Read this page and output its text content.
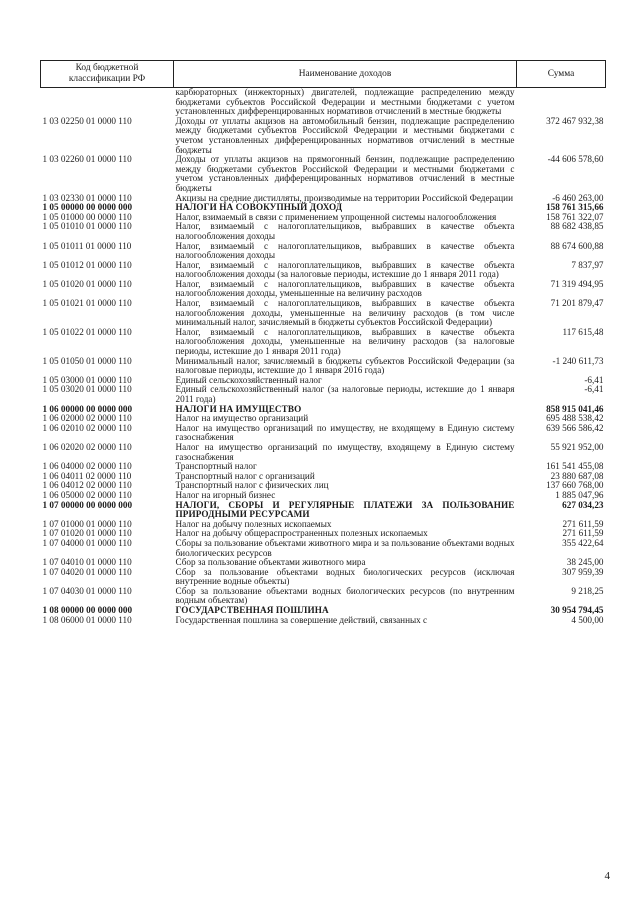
Код бюджетной классификации РФ	Наименование доходов	Сумма
	карбюраторных (инжекторных) двигателей, подлежащие распределению между бюджетами субъектов Российской Федерации и местными бюджетами с учетом установленных дифференцированных нормативов отчислений в местные бюджеты	
1 03 02250 01 0000 110	Доходы от уплаты акцизов на автомобильный бензин, подлежащие распределению между бюджетами субъектов Российской Федерации и местными бюджетами с учетом установленных дифференцированных нормативов отчислений в местные бюджеты	372 467 932,38
1 03 02260 01 0000 110	Доходы от уплаты акцизов на прямогонный бензин, подлежащие распределению между бюджетами субъектов Российской Федерации и местными бюджетами с учетом установленных дифференцированных нормативов отчислений в местные бюджеты	-44 606 578,60
1 03 02330 01 0000 110	Акцизы на средние дистилляты, производимые на территории Российской Федерации	-6 460 263,00
1 05 00000 00 0000 000	НАЛОГИ НА СОВОКУПНЫЙ ДОХОД	158 761 315,66
1 05 01000 00 0000 110	Налог, взимаемый в связи с применением упрощенной системы налогообложения	158 761 322,07
1 05 01010 01 0000 110	Налог, взимаемый с налогоплательщиков, выбравших в качестве объекта налогообложения доходы	88 682 438,85
1 05 01011 01 0000 110	Налог, взимаемый с налогоплательщиков, выбравших в качестве объекта налогообложения доходы	88 674 600,88
1 05 01012 01 0000 110	Налог, взимаемый с налогоплательщиков, выбравших в качестве объекта налогообложения доходы (за налоговые периоды, истекшие до 1 января 2011 года)	7 837,97
1 05 01020 01 0000 110	Налог, взимаемый с налогоплательщиков, выбравших в качестве объекта налогообложения доходы, уменьшенные на величину расходов	71 319 494,95
1 05 01021 01 0000 110	Налог, взимаемый с налогоплательщиков, выбравших в качестве объекта налогообложения доходы, уменьшенные на величину расходов (в том числе минимальный налог, зачисляемый в бюджеты субъектов Российской Федерации)	71 201 879,47
1 05 01022 01 0000 110	Налог, взимаемый с налогоплательщиков, выбравших в качестве объекта налогообложения доходы, уменьшенные на величину расходов (за налоговые периоды, истекшие до 1 января 2011 года)	117 615,48
1 05 01050 01 0000 110	Минимальный налог, зачисляемый в бюджеты субъектов Российской Федерации (за налоговые периоды, истекшие до 1 января 2016 года)	-1 240 611,73
1 05 03000 01 0000 110	Единый сельскохозяйственный налог	-6,41
1 05 03020 01 0000 110	Единый сельскохозяйственный налог (за налоговые периоды, истекшие до 1 января 2011 года)	-6,41
1 06 00000 00 0000 000	НАЛОГИ НА ИМУЩЕСТВО	858 915 041,46
1 06 02000 02 0000 110	Налог на имущество организаций	695 488 538,42
1 06 02010 02 0000 110	Налог на имущество организаций по имуществу, не входящему в Единую систему газоснабжения	639 566 586,42
1 06 02020 02 0000 110	Налог на имущество организаций по имуществу, входящему в Единую систему газоснабжения	55 921 952,00
1 06 04000 02 0000 110	Транспортный налог	161 541 455,08
1 06 04011 02 0000 110	Транспортный налог с организаций	23 880 687,08
1 06 04012 02 0000 110	Транспортный налог с физических лиц	137 660 768,00
1 06 05000 02 0000 110	Налог на игорный бизнес	1 885 047,96
1 07 00000 00 0000 000	НАЛОГИ, СБОРЫ И РЕГУЛЯРНЫЕ ПЛАТЕЖИ ЗА ПОЛЬЗОВАНИЕ ПРИРОДНЫМИ РЕСУРСАМИ	627 034,23
1 07 01000 01 0000 110	Налог на добычу полезных ископаемых	271 611,59
1 07 01020 01 0000 110	Налог на добычу общераспространенных полезных ископаемых	271 611,59
1 07 04000 01 0000 110	Сборы за пользование объектами животного мира и за пользование объектами водных биологических ресурсов	355 422,64
1 07 04010 01 0000 110	Сбор за пользование объектами животного мира	38 245,00
1 07 04020 01 0000 110	Сбор за пользование объектами водных биологических ресурсов (исключая внутренние водные объекты)	307 959,39
1 07 04030 01 0000 110	Сбор за пользование объектами водных биологических ресурсов (по внутренним водным объектам)	9 218,25
1 08 00000 00 0000 000	ГОСУДАРСТВЕННАЯ ПОШЛИНА	30 954 794,45
1 08 06000 01 0000 110	Государственная пошлина за совершение действий, связанных с	4 500,00
4
